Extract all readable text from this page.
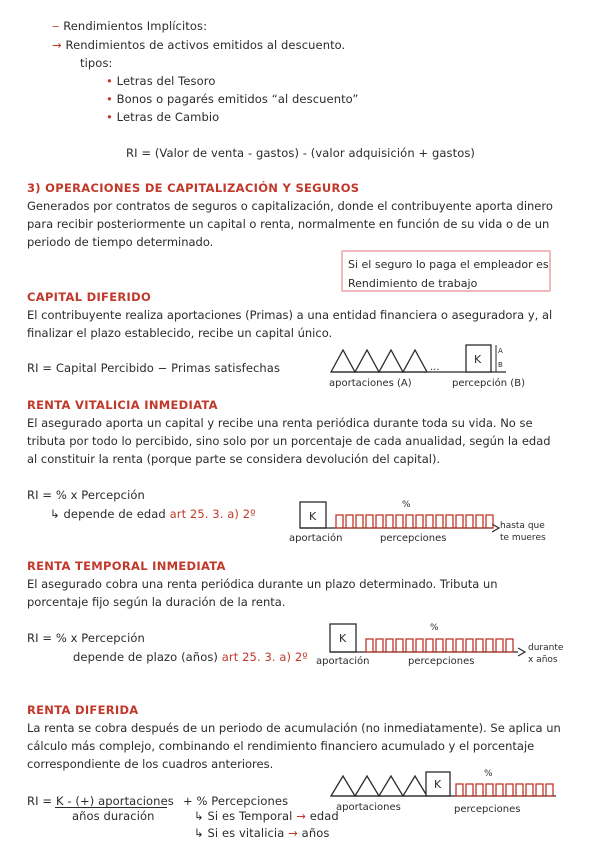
‒ Rendimientos Implícitos:
→ Rendimientos de activos emitidos al descuento.
tipos:
• Letras del Tesoro
• Bonos o pagarés emitidos “al descuento”
• Letras de Cambio
RI = (Valor de venta - gastos) - (valor adquisición + gastos)
3) OPERACIONES DE CAPITALIZACIÓN Y SEGUROS
Generados por contratos de seguros o capitalización, donde el contribuyente aporta dinero para recibir posteriormente un capital o renta, normalmente en función de su vida o de un periodo de tiempo determinado.
Si el seguro lo paga el empleador es Rendimiento de trabajo
CAPITAL DIFERIDO
El contribuyente realiza aportaciones (Primas) a una entidad financiera o aseguradora y, al finalizar el plazo establecido, recibe un capital único.
RI = Capital Percibido − Primas satisfechas	...
K
A
B
aportaciones (A)	percepción (B)
RENTA VITALICIA INMEDIATA
El asegurado aporta un capital y recibe una renta periódica durante toda su vida. No se tributa por todo lo percibido, sino solo por un porcentaje de cada anualidad, según la edad al constituir la renta (porque parte se considera devolución del capital).
RI = % x Percepción
↳ depende de edad art 25. 3. a) 2º	K
%
aportación	percepciones
hasta que
te mueres
RENTA TEMPORAL INMEDIATA
El asegurado cobra una renta periódica durante un plazo determinado. Tributa un porcentaje fijo según la duración de la renta.
RI = % x Percepción
depende de plazo (años) art 25. 3. a) 2º
K
%
aportación	percepciones
durante
x años
RENTA DIFERIDA
La renta se cobra después de un periodo de acumulación (no inmediatamente). Se aplica un cálculo más complejo, combinando el rendimiento financiero acumulado y el porcentaje correspondiente de los cuadros anteriores.
RI = K - (+) aportaciones
años duración
+ % Percepciones
↳ Si es Temporal → edad
↳ Si es vitalicia → años
K
%
aportaciones	percepciones
